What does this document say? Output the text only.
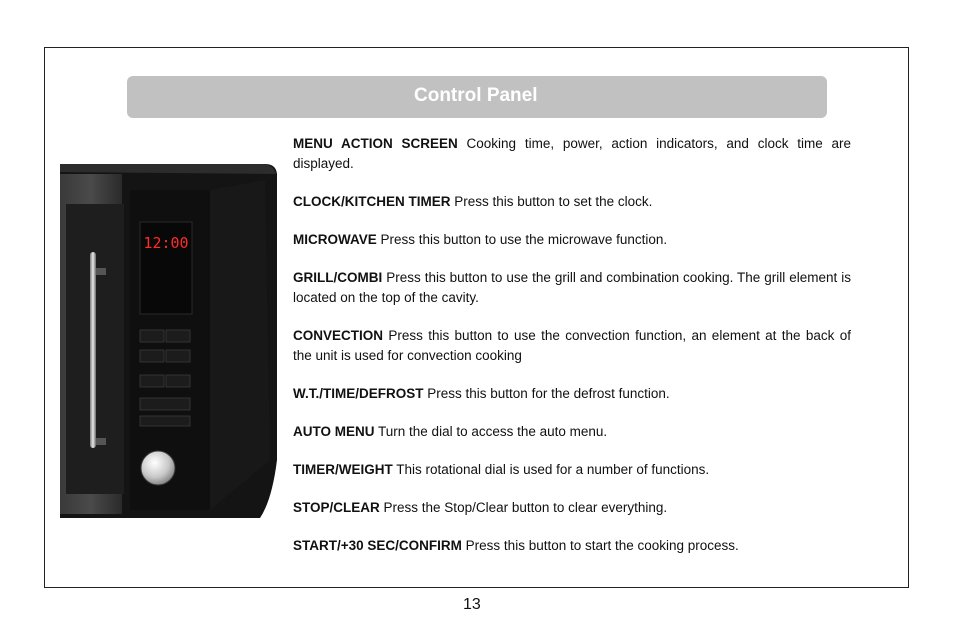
Control Panel
12:00

MENU ACTION SCREEN Cooking time, power, action indicators, and clock time are displayed.

CLOCK/KITCHEN TIMER Press this button to set the clock.

MICROWAVE Press this button to use the microwave function.

GRILL/COMBI Press this button to use the grill and combination cooking. The grill element is located on the top of the cavity.

CONVECTION Press this button to use the convection function, an element at the back of the unit is used for convection cooking

W.T./TIME/DEFROST Press this button for the defrost function.

AUTO MENU Turn the dial to access the auto menu.

TIMER/WEIGHT This rotational dial is used for a number of functions.

STOP/CLEAR Press the Stop/Clear button to clear everything.

START/+30 SEC/CONFIRM Press this button to start the cooking process.

13
